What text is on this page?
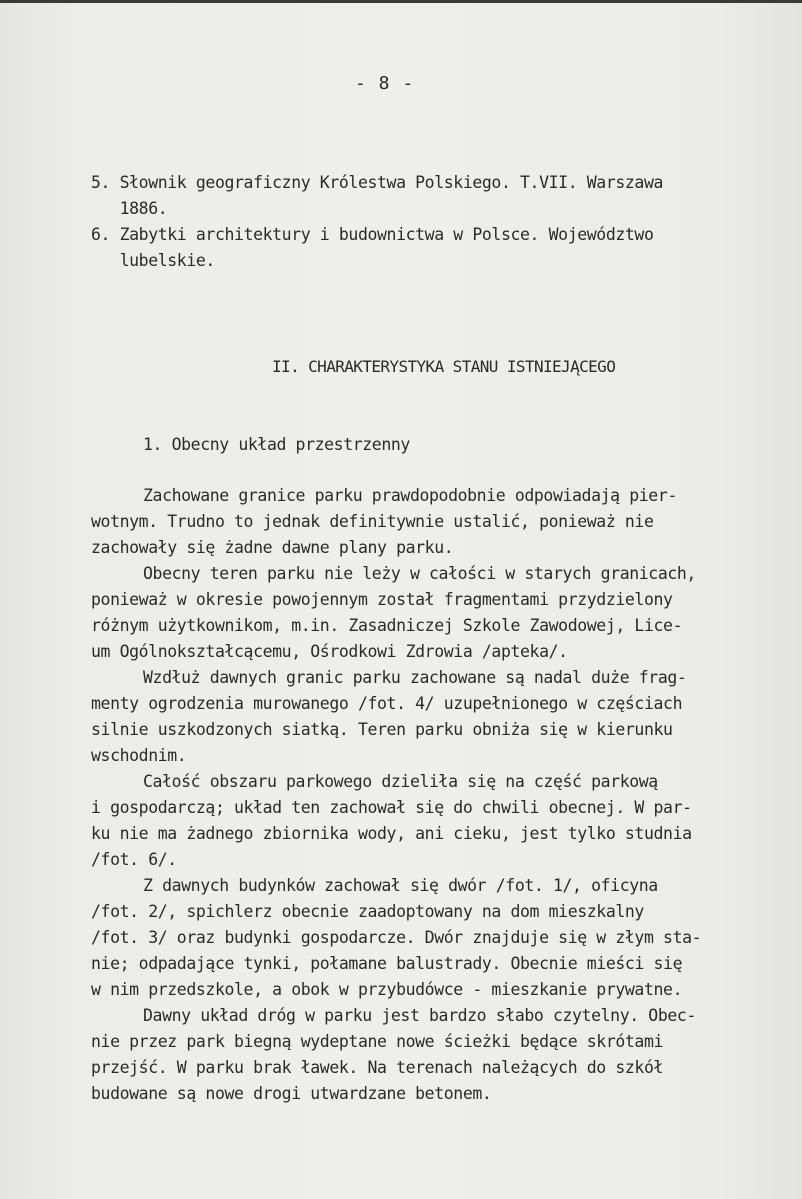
- 8 -
5. Słownik geograficzny Królestwa Polskiego. T.VII. Warszawa
1886.
6. Zabytki architektury i budownictwa w Polsce. Województwo
lubelskie.
II. CHARAKTERYSTYKA STANU ISTNIEJĄCEGO
1. Obecny układ przestrzenny
Zachowane granice parku prawdopodobnie odpowiadają pier-
wotnym. Trudno to jednak definitywnie ustalić, ponieważ nie
zachowały się żadne dawne plany parku.
Obecny teren parku nie leży w całości w starych granicach,
ponieważ w okresie powojennym został fragmentami przydzielony
różnym użytkownikom, m.in. Zasadniczej Szkole Zawodowej, Lice-
um Ogólnokształcącemu, Ośrodkowi Zdrowia /apteka/.
Wzdłuż dawnych granic parku zachowane są nadal duże frag-
menty ogrodzenia murowanego /fot. 4/ uzupełnionego w częściach
silnie uszkodzonych siatką. Teren parku obniża się w kierunku
wschodnim.
Całość obszaru parkowego dzieliła się na część parkową
i gospodarczą; układ ten zachował się do chwili obecnej. W par-
ku nie ma żadnego zbiornika wody, ani cieku, jest tylko studnia
/fot. 6/.
Z dawnych budynków zachował się dwór /fot. 1/, oficyna
/fot. 2/, spichlerz obecnie zaadoptowany na dom mieszkalny
/fot. 3/ oraz budynki gospodarcze. Dwór znajduje się w złym sta-
nie; odpadające tynki, połamane balustrady. Obecnie mieści się
w nim przedszkole, a obok w przybudówce - mieszkanie prywatne.
Dawny układ dróg w parku jest bardzo słabo czytelny. Obec-
nie przez park biegną wydeptane nowe ścieżki będące skrótami
przejść. W parku brak ławek. Na terenach należących do szkół
budowane są nowe drogi utwardzane betonem.
